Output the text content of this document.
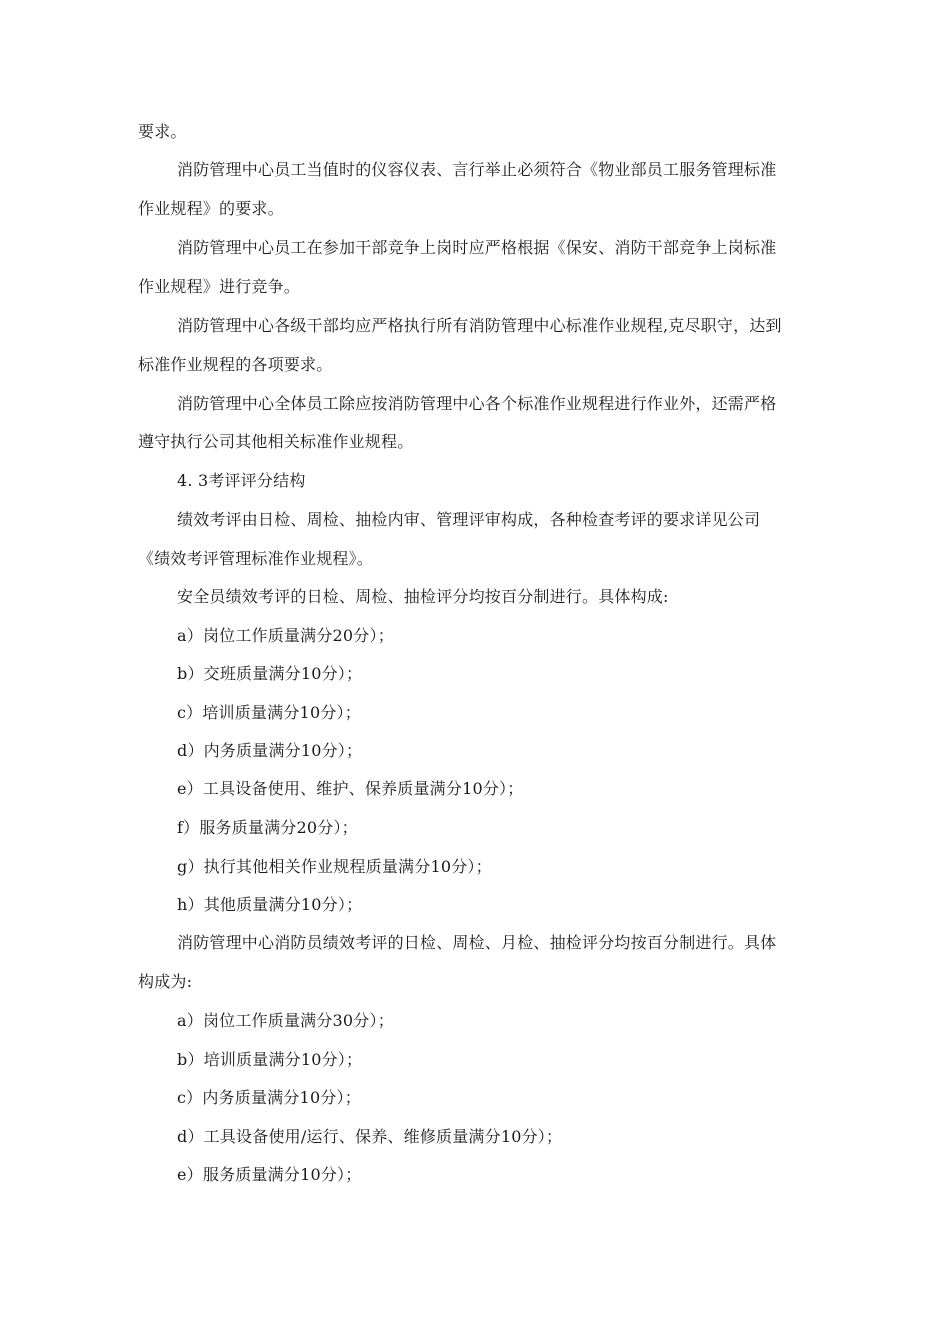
要求。
消防管理中心员工当值时的仪容仪表、言行举止必须符合《物业部员工服务管理标准
作业规程》的要求。
消防管理中心员工在参加干部竞争上岗时应严格根据《保安、消防干部竞争上岗标准
作业规程》进行竞争。
消防管理中心各级干部均应严格执行所有消防管理中心标准作业规程,克尽职守，达到
标准作业规程的各项要求。
消防管理中心全体员工除应按消防管理中心各个标准作业规程进行作业外，还需严格
遵守执行公司其他相关标准作业规程。
4. 3考评评分结构
绩效考评由日检、周检、抽检内审、管理评审构成，各种检查考评的要求详见公司
《绩效考评管理标准作业规程》。
安全员绩效考评的日检、周检、抽检评分均按百分制进行。具体构成:
a）岗位工作质量满分20分）；
b）交班质量满分10分）；
c）培训质量满分10分）；
d）内务质量满分10分）；
e）工具设备使用、维护、保养质量满分10分）；
f）服务质量满分20分）；
g）执行其他相关作业规程质量满分10分）；
h）其他质量满分10分）；
消防管理中心消防员绩效考评的日检、周检、月检、抽检评分均按百分制进行。具体
构成为:
a）岗位工作质量满分30分）；
b）培训质量满分10分）；
c）内务质量满分10分）；
d）工具设备使用/运行、保养、维修质量满分10分）；
e）服务质量满分10分）；
